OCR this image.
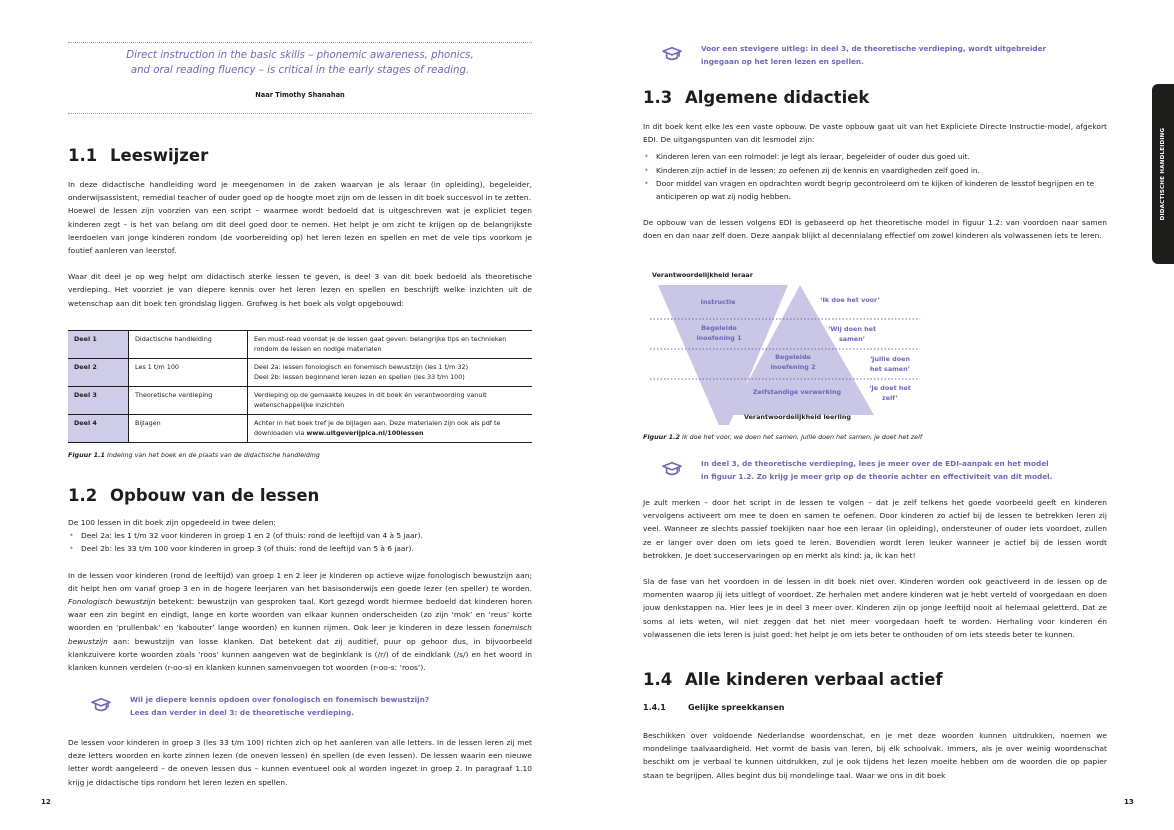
Direct instruction in the basic skills – phonemic awareness, phonics,
and oral reading fluency – is critical in the early stages of reading.
Naar Timothy Shanahan
1.1 Leeswijzer

In deze didactische handleiding word je meegenomen in de zaken waarvan je als leraar (in opleiding), begeleider, onderwijsassistent, remedial teacher of ouder goed op de hoogte moet zijn om de lessen in dit boek succesvol in te zetten.

Hoewel de lessen zijn voorzien van een script – waarmee wordt bedoeld dat is uitgeschreven wat je expliciet tegen kinderen zegt – is het van belang om dit deel goed door te nemen. Het helpt je om zicht te krijgen op de belangrijkste leerdoelen van jonge kinderen rondom (de voorbereiding op) het leren lezen en spellen en met de vele tips voorkom je foutief aanleren van leerstof.

Waar dit deel je op weg helpt om didactisch sterke lessen te geven, is deel 3 van dit boek bedoeld als theoretische verdieping. Het voorziet je van diepere kennis over het leren lezen en spellen en beschrijft welke inzichten uit de wetenschap aan dit boek ten grondslag liggen. Grofweg is het boek als volgt opgebouwd:

Deel 1	Didactische handleiding	Een must-read voordat je de lessen gaat geven: belangrijke tips en technieken rondom de lessen en nodige materialen
Deel 2	Les 1 t/m 100	Deel 2a: lessen fonologisch en fonemisch bewustzijn (les 1 t/m 32)
Deel 2b: lessen beginnend leren lezen en spellen (les 33 t/m 100)
Deel 3	Theoretische verdieping	Verdieping op de gemaakte keuzes in dit boek én verantwoording vanuit wetenschappelijke inzichten
Deel 4	Bijlagen	Achter in het boek tref je de bijlagen aan. Deze materialen zijn ook als pdf te downloaden via www.uitgeverijpica.nl/100lessen
Figuur 1.1 Indeling van het boek en de plaats van de didactische handleiding
1.2 Opbouw van de lessen

De 100 lessen in dit boek zijn opgedeeld in twee delen:

• Deel 2a: les 1 t/m 32 voor kinderen in groep 1 en 2 (of thuis: rond de leeftijd van 4 à 5 jaar).
• Deel 2b: les 33 t/m 100 voor kinderen in groep 3 (of thuis: rond de leeftijd van 5 à 6 jaar).

In de lessen voor kinderen (rond de leeftijd) van groep 1 en 2 leer je kinderen op actieve wijze fonologisch bewustzijn aan; dit helpt hen om vanaf groep 3 en in de hogere leerjaren van het basisonderwijs een goede lezer (en speller) te worden. Fonologisch bewustzijn betekent: bewustzijn van gesproken taal. Kort gezegd wordt hiermee bedoeld dat kinderen horen waar een zin begint en eindigt, lange en korte woorden van elkaar kunnen onderscheiden (zo zijn ‘mok’ en ‘reus’ korte woorden en ‘prullenbak’ en ‘kabouter’ lange woorden) en kunnen rijmen. Ook leer je kinderen in deze lessen fonemisch bewustzijn aan: bewustzijn van losse klanken. Dat betekent dat zij auditief, puur op gehoor dus, in bijvoorbeeld klankzuivere korte woorden zoals ‘roos’ kunnen aangeven wat de beginklank is (/r/) of de eindklank (/s/) en het woord in klanken kunnen verdelen (r-oo-s) en klanken kunnen samenvoegen tot woorden (r-oo-s: ‘roos’).

Wil je diepere kennis opdoen over fonologisch en fonemisch bewustzijn?
Lees dan verder in deel 3: de theoretische verdieping.

De lessen voor kinderen in groep 3 (les 33 t/m 100) richten zich op het aanleren van alle letters. In de lessen leren zij met deze letters woorden en korte zinnen lezen (de oneven lessen) én spellen (de even lessen). De lessen waarin een nieuwe letter wordt aangeleerd – de oneven lessen dus – kunnen eventueel ook al worden ingezet in groep 2. In paragraaf 1.10 krijg je didactische tips rondom het leren lezen en spellen.

12
Voor een stevigere uitleg: in deel 3, de theoretische verdieping, wordt uitgebreider
ingegaan op het leren lezen en spellen.
1.3 Algemene didactiek

In dit boek kent elke les een vaste opbouw. De vaste opbouw gaat uit van het Expliciete Directe Instructie-model, afgekort EDI. De uitgangspunten van dit lesmodel zijn:

• Kinderen leren van een rolmodel: je legt als leraar, begeleider of ouder dus goed uit.
• Kinderen zijn actief in de lessen: zo oefenen zij de kennis en vaardigheden zelf goed in.
• Door middel van vragen en opdrachten wordt begrip gecontroleerd om te kijken of kinderen de lesstof begrijpen en te anticiperen op wat zij nodig hebben.

De opbouw van de lessen volgens EDI is gebaseerd op het theoretische model in figuur 1.2: van voordoen naar samen doen en dan naar zelf doen. Deze aanpak blijkt al decennialang effectief om zowel kinderen als volwassenen iets te leren.

Verantwoordelijkheid leraar
Instructie
Begeleide inoefening 1
Begeleide inoefening 2
Zelfstandige verwerking
‘Ik doe het voor’
‘Wij doen het samen’
‘Jullie doen het samen’
‘Je doet het zelf’
Verantwoordelijkheid leerling
Figuur 1.2 Ik doe het voor, we doen het samen, jullie doen het samen, je doet het zelf
In deel 3, de theoretische verdieping, lees je meer over de EDI-aanpak en het model
in figuur 1.2. Zo krijg je meer grip op de theorie achter en effectiviteit van dit model.

Je zult merken – door het script in de lessen te volgen – dat je zelf telkens het goede voorbeeld geeft en kinderen vervolgens activeert om mee te doen en samen te oefenen. Door kinderen zo actief bij de lessen te betrekken leren zij veel. Wanneer ze slechts passief toekijken naar hoe een leraar (in opleiding), ondersteuner of ouder iets voordoet, zullen ze er langer over doen om iets goed te leren. Bovendien wordt leren leuker wanneer je actief bij de lessen wordt betrokken. Je doet succeservaringen op en merkt als kind: ja, ik kan het!

Sla de fase van het voordoen in de lessen in dit boek niet over. Kinderen worden ook geactiveerd in de lessen op de momenten waarop jij iets uitlegt of voordoet. Ze herhalen met andere kinderen wat je hebt verteld of voorgedaan en doen jouw denkstappen na. Hier lees je in deel 3 meer over. Kinderen zijn op jonge leeftijd nooit al helemaal geletterd. Dat ze soms al iets weten, wil niet zeggen dat het niet meer voorgedaan hoeft te worden. Herhaling voor kinderen én volwassenen die iets leren is juist goed: het helpt je om iets beter te onthouden of om iets steeds beter te kunnen.

1.4 Alle kinderen verbaal actief
1.4.1	Gelijke spreekkansen

Beschikken over voldoende Nederlandse woordenschat, en je met deze woorden kunnen uitdrukken, noemen we mondelinge taalvaardigheid. Het vormt de basis van leren, bij elk schoolvak. Immers, als je over weinig woordenschat beschikt om je verbaal te kunnen uitdrukken, zul je ook tijdens het lezen moeite hebben om de woorden die op papier staan te begrijpen. Alles begint dus bij mondelinge taal. Waar we ons in dit boek

DIDACTISCHE HANDLEIDING
13
